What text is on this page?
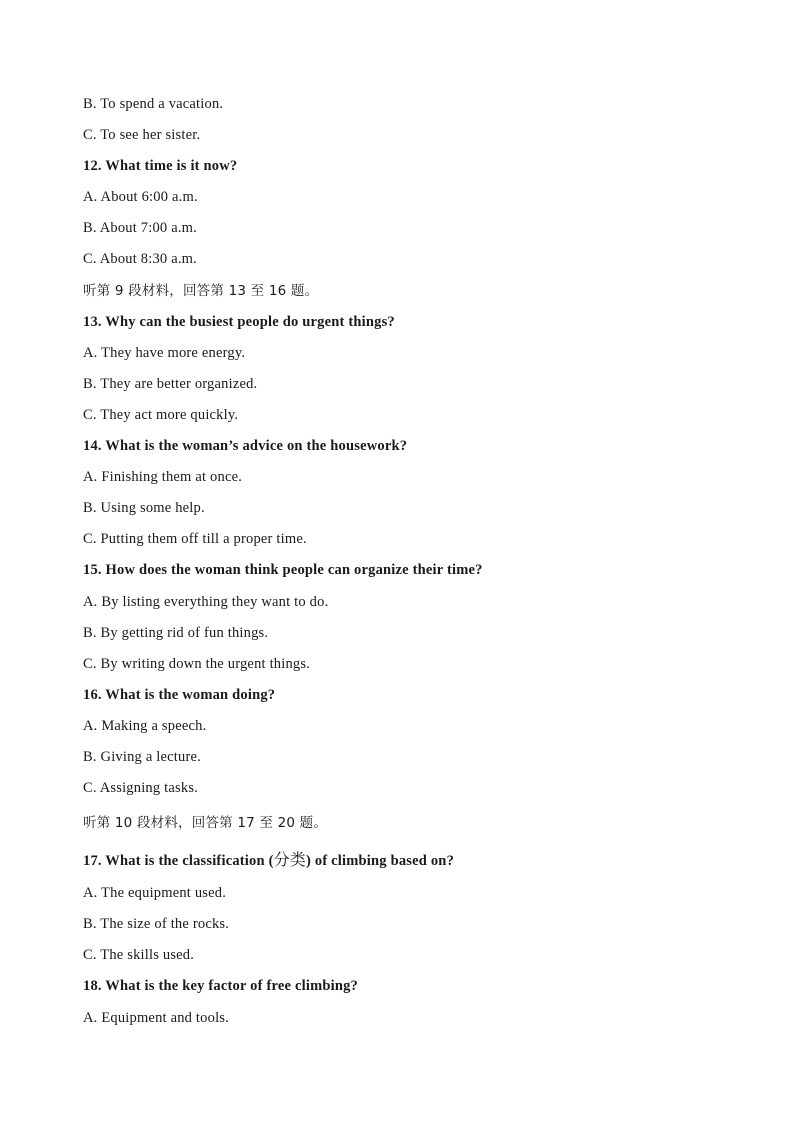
B. To spend a vacation.
C. To see her sister.
12. What time is it now?
A. About 6:00 a.m.
B. About 7:00 a.m.
C. About 8:30 a.m.
听第 9 段材料，回答第 13 至 16 题。
13. Why can the busiest people do urgent things?
A. They have more energy.
B. They are better organized.
C. They act more quickly.
14. What is the woman’s advice on the housework?
A. Finishing them at once.
B. Using some help.
C. Putting them off till a proper time.
15. How does the woman think people can organize their time?
A. By listing everything they want to do.
B. By getting rid of fun things.
C. By writing down the urgent things.
16. What is the woman doing?
A. Making a speech.
B. Giving a lecture.
C. Assigning tasks.
听第 10 段材料，回答第 17 至 20 题。
17. What is the classification (分类) of climbing based on?
A. The equipment used.
B. The size of the rocks.
C. The skills used.
18. What is the key factor of free climbing?
A. Equipment and tools.
